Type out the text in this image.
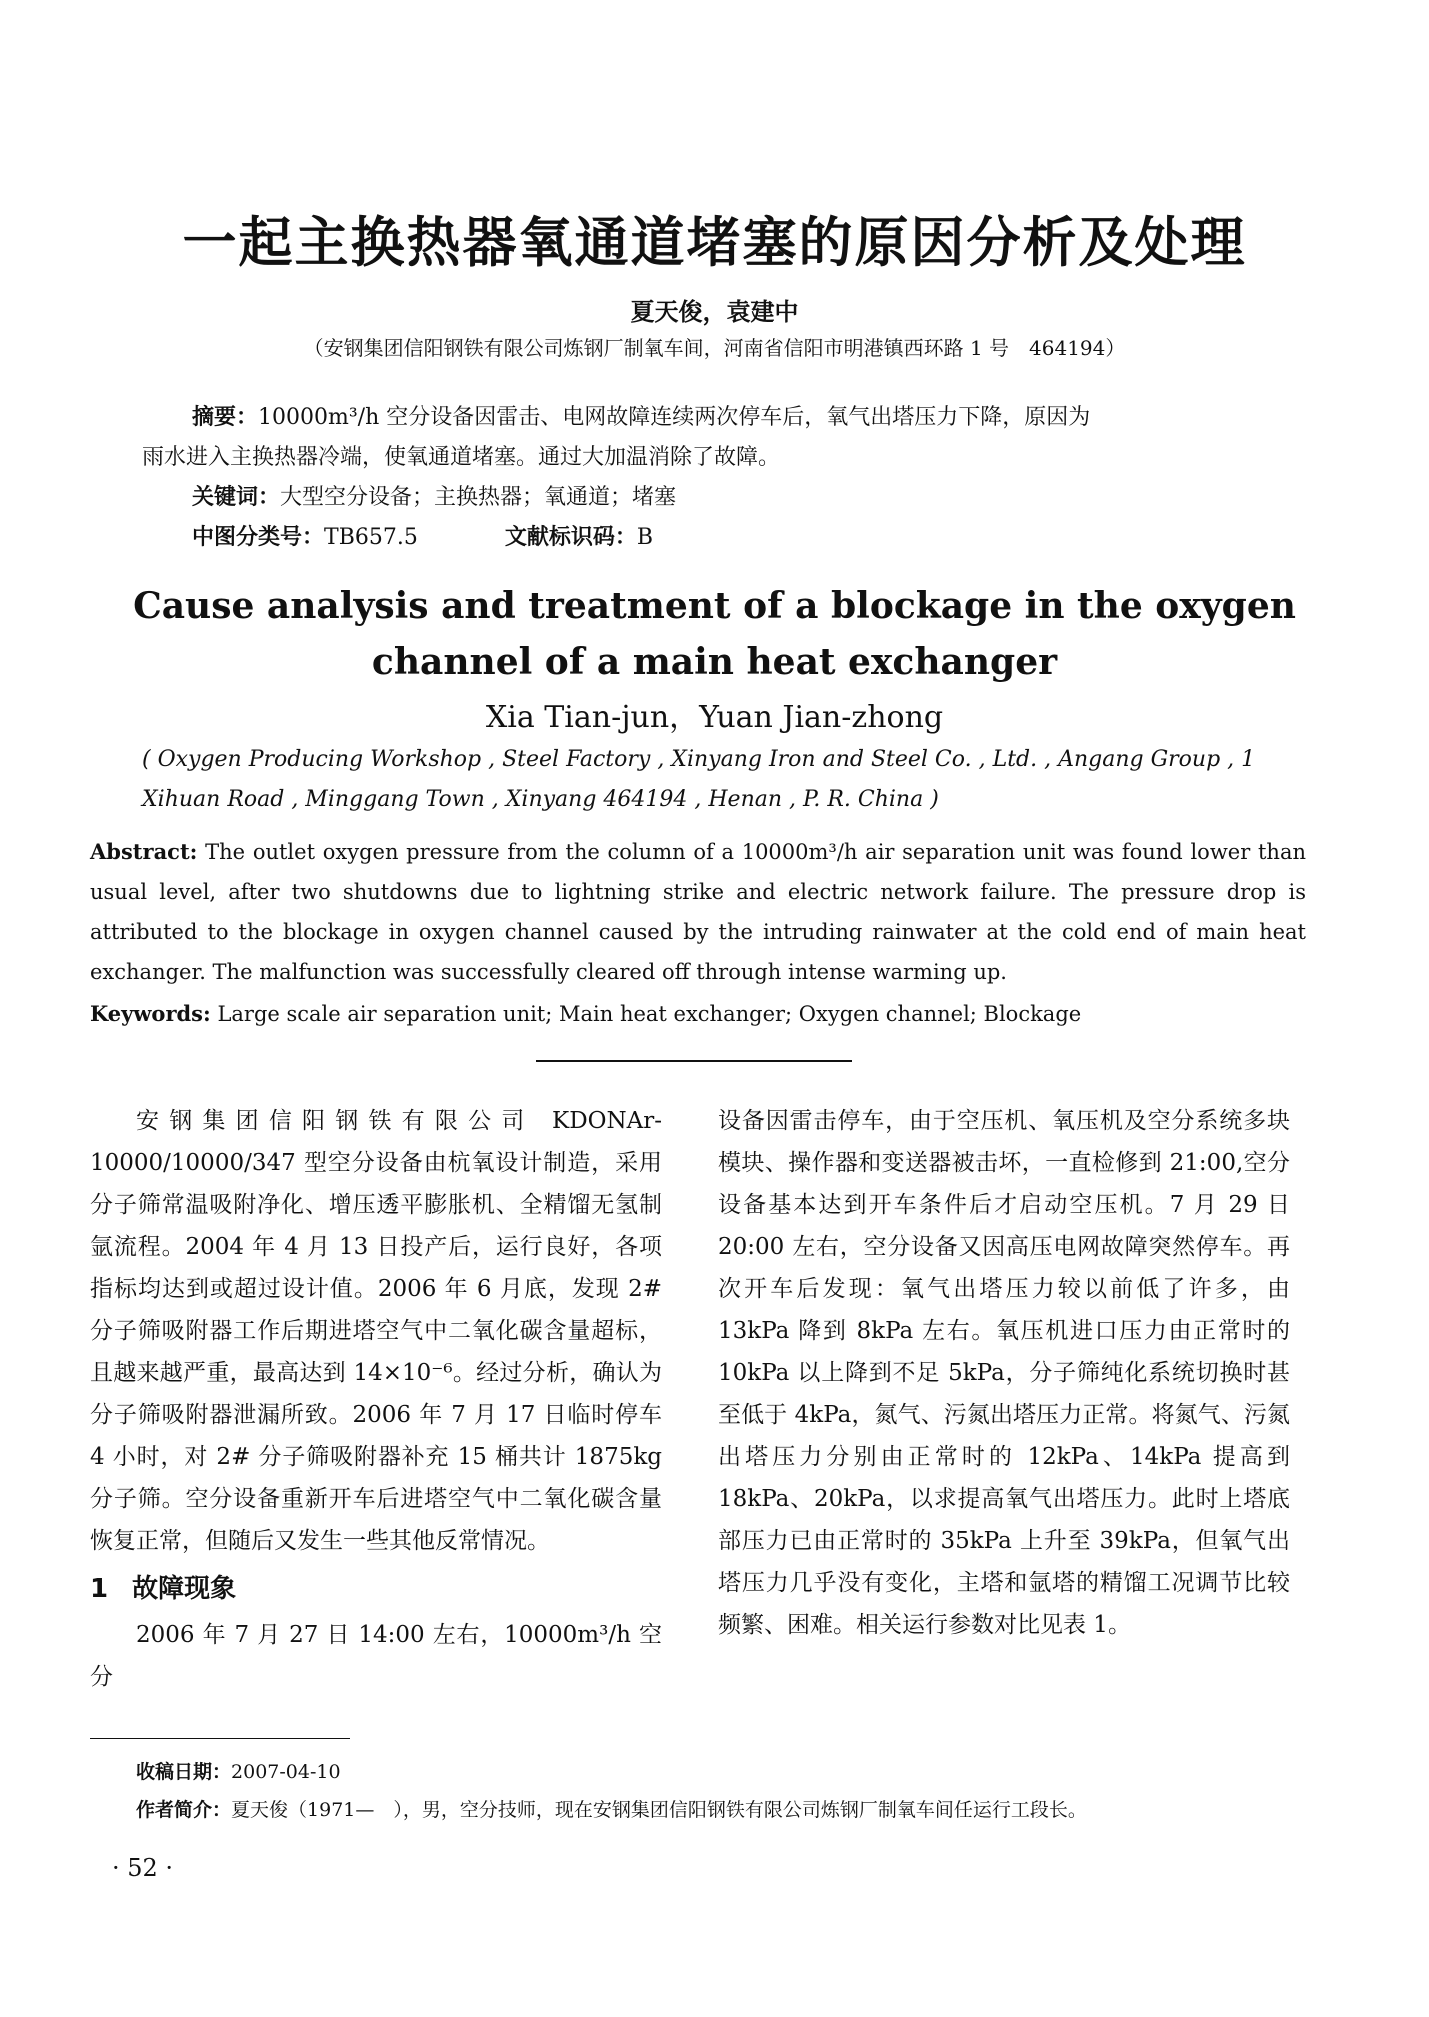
一起主换热器氧通道堵塞的原因分析及处理
夏天俊，袁建中
（安钢集团信阳钢铁有限公司炼钢厂制氧车间，河南省信阳市明港镇西环路 1 号　464194）
摘要：10000m³/h 空分设备因雷击、电网故障连续两次停车后，氧气出塔压力下降，原因为
雨水进入主换热器冷端，使氧通道堵塞。通过大加温消除了故障。
关键词：大型空分设备；主换热器；氧通道；堵塞
中图分类号：TB657.5	文献标识码：B
Cause analysis and treatment of a blockage in the oxygen
channel of a main heat exchanger
Xia Tian-jun，Yuan Jian-zhong
( Oxygen Producing Workshop , Steel Factory , Xinyang Iron and Steel Co. , Ltd. , Angang Group , 1 Xihuan Road , Minggang Town , Xinyang 464194 , Henan , P. R. China )
Abstract: The outlet oxygen pressure from the column of a 10000m³/h air separation unit was found lower than usual level, after two shutdowns due to lightning strike and electric network failure. The pressure drop is attributed to the blockage in oxygen channel caused by the intruding rainwater at the cold end of main heat exchanger. The malfunction was successfully cleared off through intense warming up.
Keywords: Large scale air separation unit; Main heat exchanger; Oxygen channel; Blockage

安钢集团信阳钢铁有限公司 KDONAr-10000/10000/347 型空分设备由杭氧设计制造，采用分子筛常温吸附净化、增压透平膨胀机、全精馏无氢制氩流程。2004 年 4 月 13 日投产后，运行良好，各项指标均达到或超过设计值。2006 年 6 月底，发现 2# 分子筛吸附器工作后期进塔空气中二氧化碳含量超标，且越来越严重，最高达到 14×10⁻⁶。经过分析，确认为分子筛吸附器泄漏所致。2006 年 7 月 17 日临时停车 4 小时，对 2# 分子筛吸附器补充 15 桶共计 1875kg 分子筛。空分设备重新开车后进塔空气中二氧化碳含量恢复正常，但随后又发生一些其他反常情况。

1 故障现象

2006 年 7 月 27 日 14:00 左右，10000m³/h 空分

设备因雷击停车，由于空压机、氧压机及空分系统多块模块、操作器和变送器被击坏，一直检修到 21:00,空分设备基本达到开车条件后才启动空压机。7 月 29 日 20:00 左右，空分设备又因高压电网故障突然停车。再次开车后发现：氧气出塔压力较以前低了许多，由 13kPa 降到 8kPa 左右。氧压机进口压力由正常时的 10kPa 以上降到不足 5kPa，分子筛纯化系统切换时甚至低于 4kPa，氮气、污氮出塔压力正常。将氮气、污氮出塔压力分别由正常时的 12kPa、14kPa 提高到 18kPa、20kPa，以求提高氧气出塔压力。此时上塔底部压力已由正常时的 35kPa 上升至 39kPa，但氧气出塔压力几乎没有变化，主塔和氩塔的精馏工况调节比较频繁、困难。相关运行参数对比见表 1。

收稿日期：2007-04-10
作者简介：夏天俊（1971—　），男，空分技师，现在安钢集团信阳钢铁有限公司炼钢厂制氧车间任运行工段长。
· 52 ·
